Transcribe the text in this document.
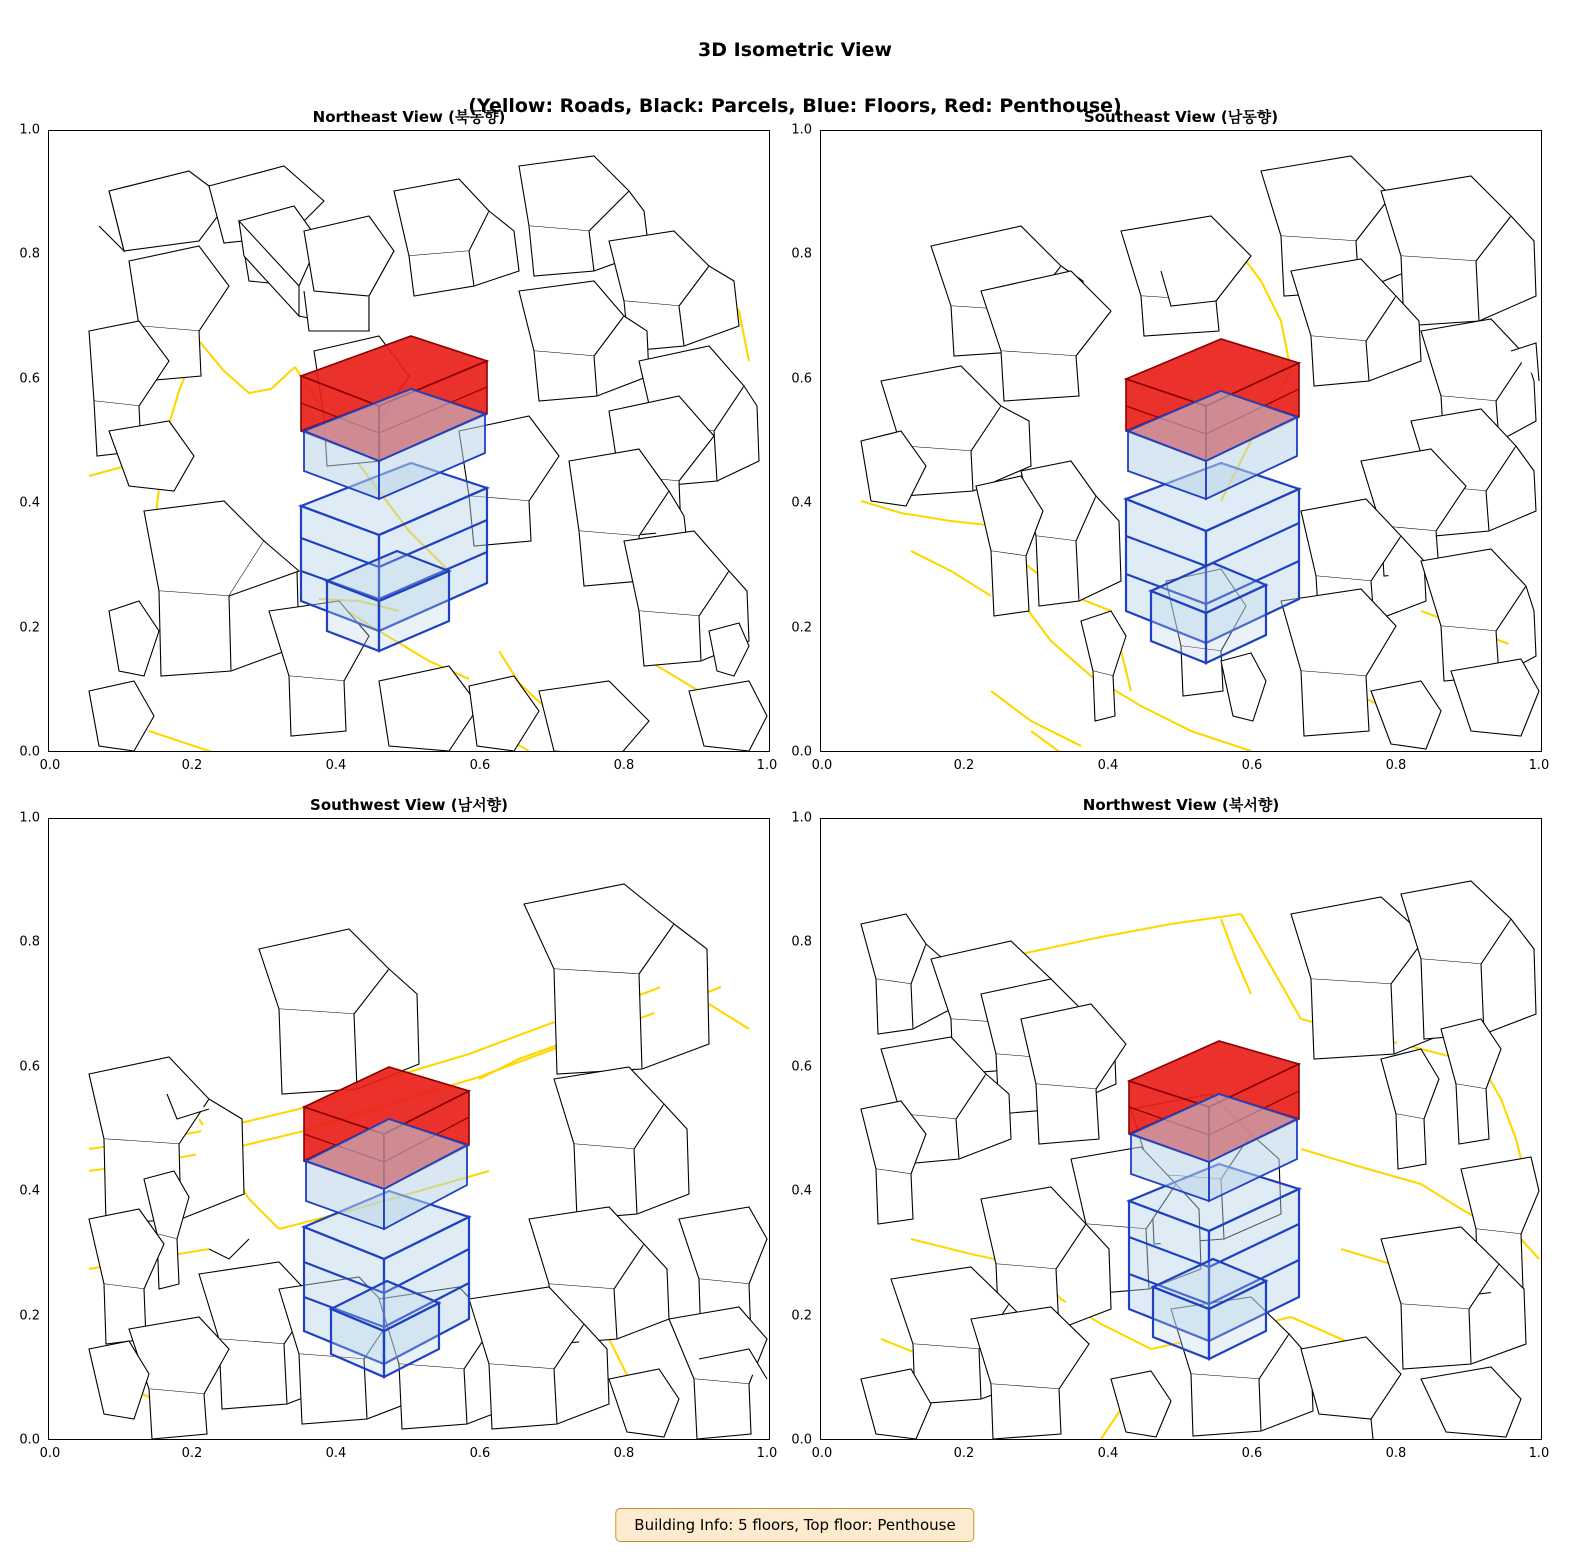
3D Isometric View

(Yellow: Roads, Black: Parcels, Blue: Floors, Red: Penthouse)

Northeast View (북동향)
0.0	0.2	0.4	0.6	0.8	1.0
0.0
0.2
0.4
0.6
0.8
1.0
Southeast View (남동향)
0.0	0.2	0.4	0.6	0.8	1.0
0.0
0.2
0.4
0.6
0.8
1.0
Southwest View (남서향)
0.0	0.2	0.4	0.6	0.8	1.0
0.0
0.2
0.4
0.6
0.8
1.0
Northwest View (북서향)
0.0	0.2	0.4	0.6	0.8	1.0
0.0
0.2
0.4
0.6
0.8
1.0
Building Info: 5 floors, Top floor: Penthouse
